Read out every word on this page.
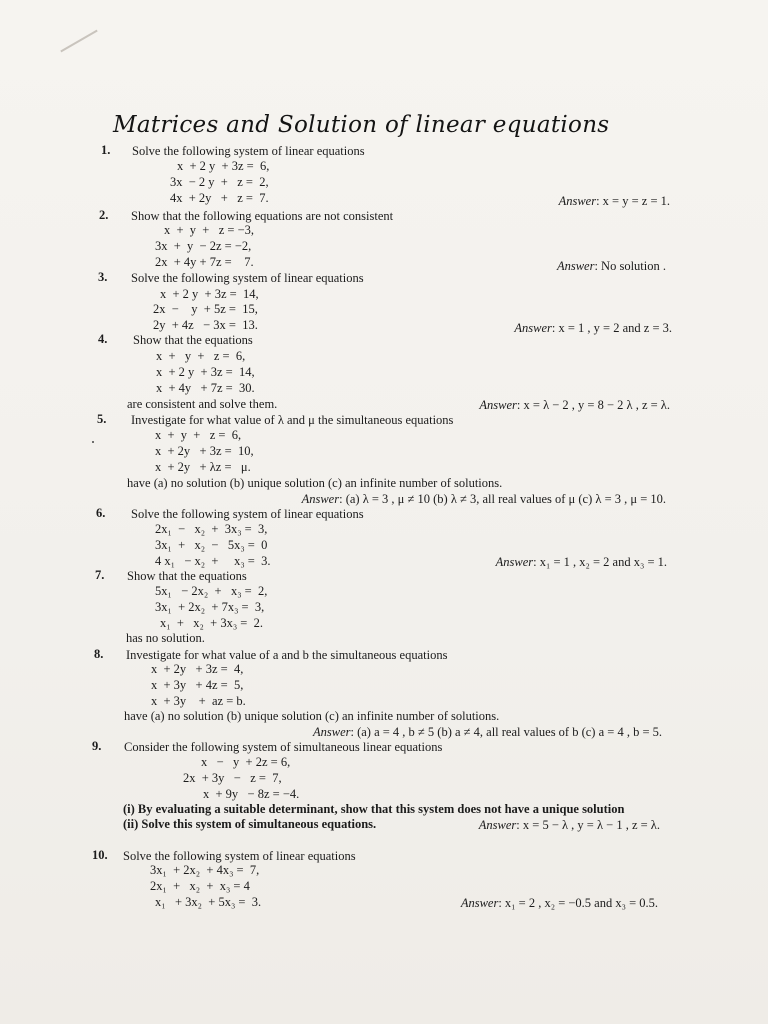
Matrices and Solution of linear equations
1. Solve the following system of linear equations
x  + 2 y  + 3z =  6,
3x  − 2 y  +   z =  2,
4x  + 2y   +   z =  7.	Answer: x = y = z = 1.
2. Show that the following equations are not consistent
x  +  y  +   z = −3,
3x  +  y  − 2z = −2,
2x  + 4y + 7z =    7.	Answer: No solution .
3. Solve the following system of linear equations
x  + 2 y  + 3z =  14,
2x  −    y  + 5z =  15,
2y  + 4z   − 3x =  13.	Answer: x = 1 , y = 2 and z = 3.
4. Show that the equations
x  +   y  +   z =  6,
x  + 2 y  + 3z =  14,
x  + 4y   + 7z =  30.
are consistent and solve them.	Answer: x = λ − 2 , y = 8 − 2 λ , z = λ.
5. Investigate for what value of λ and μ the simultaneous equations
x  +  y  +   z =  6,
x  + 2y   + 3z =  10,
x  + 2y   + λz =   μ.
have (a) no solution (b) unique solution (c) an infinite number of solutions.
Answer: (a) λ = 3 , μ ≠ 10 (b) λ ≠ 3, all real values of μ (c) λ = 3 , μ = 10.
6. Solve the following system of linear equations
2x₁  −   x₂  +  3x₃ =  3,
3x₁  +   x₂  −   5x₃ =  0
4 x₁   − x₂  +     x₃ =  3.	Answer: x₁ = 1 , x₂ = 2 and x₃ = 1.
7. Show that the equations
5x₁   − 2x₂  +   x₃ =  2,
3x₁  + 2x₂  + 7x₃ =  3,
x₁  +   x₂  + 3x₃ =  2.
has no solution.
8. Investigate for what value of a and b the simultaneous equations
x  + 2y   + 3z =  4,
x  + 3y   + 4z =  5,
x  + 3y    +  az = b.
have (a) no solution (b) unique solution (c) an infinite number of solutions.
Answer: (a) a = 4 , b ≠ 5 (b) a ≠ 4, all real values of b (c) a = 4 , b = 5.
9. Consider the following system of simultaneous linear equations
x   −   y  + 2z = 6,
2x  + 3y   −   z =  7,
x  + 9y   − 8z = −4.
(i) By evaluating a suitable determinant, show that this system does not have a unique solution
(ii) Solve this system of simultaneous equations.	Answer: x = 5 − λ , y = λ − 1 , z = λ.
10. Solve the following system of linear equations
3x₁  + 2x₂  + 4x₃ =  7,
2x₁  +   x₂  +  x₃ = 4
x₁   + 3x₂  + 5x₃ =  3.	Answer: x₁ = 2 , x₂ = −0.5 and x₃ = 0.5.
